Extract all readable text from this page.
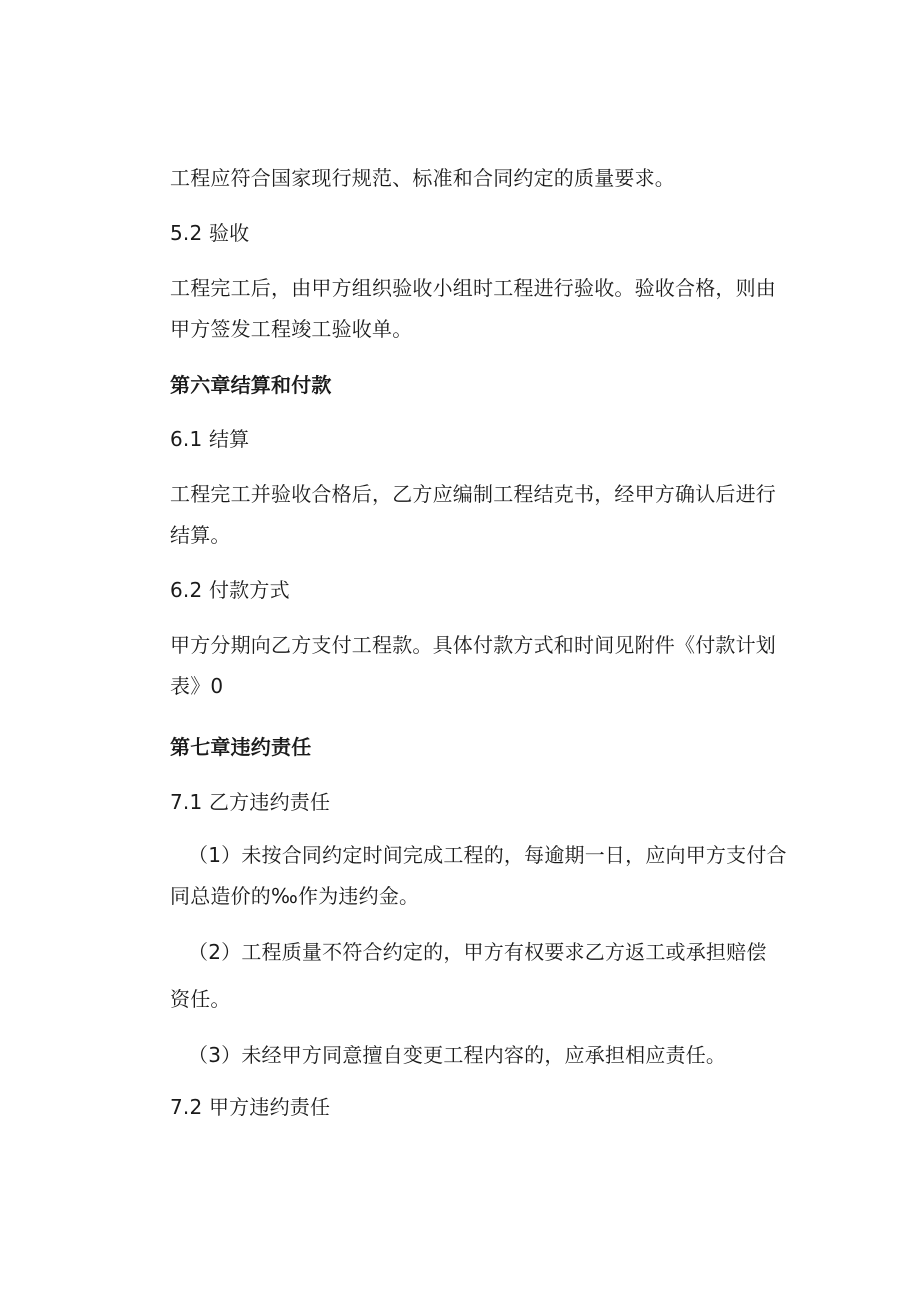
工程应符合国家现行规范、标准和合同约定的质量要求。
5.2 验收
工程完工后，由甲方组织验收小组时工程进行验收。验收合格，则由
甲方签发工程竣工验收单。
第六章结算和付款
6.1 结算
工程完工并验收合格后，乙方应编制工程结克书，经甲方确认后进行
结算。
6.2 付款方式
甲方分期向乙方支付工程款。具体付款方式和时间见附件《付款计划
表》0
第七章违约责任
7.1 乙方违约责任
（1）未按合同约定时间完成工程的，每逾期一日，应向甲方支付合
同总造价的‰作为违约金。
（2）工程质量不符合约定的，甲方有权要求乙方返工或承担赔偿
资任。
（3）未经甲方同意擅自变更工程内容的，应承担相应责任。
7.2 甲方违约责任
